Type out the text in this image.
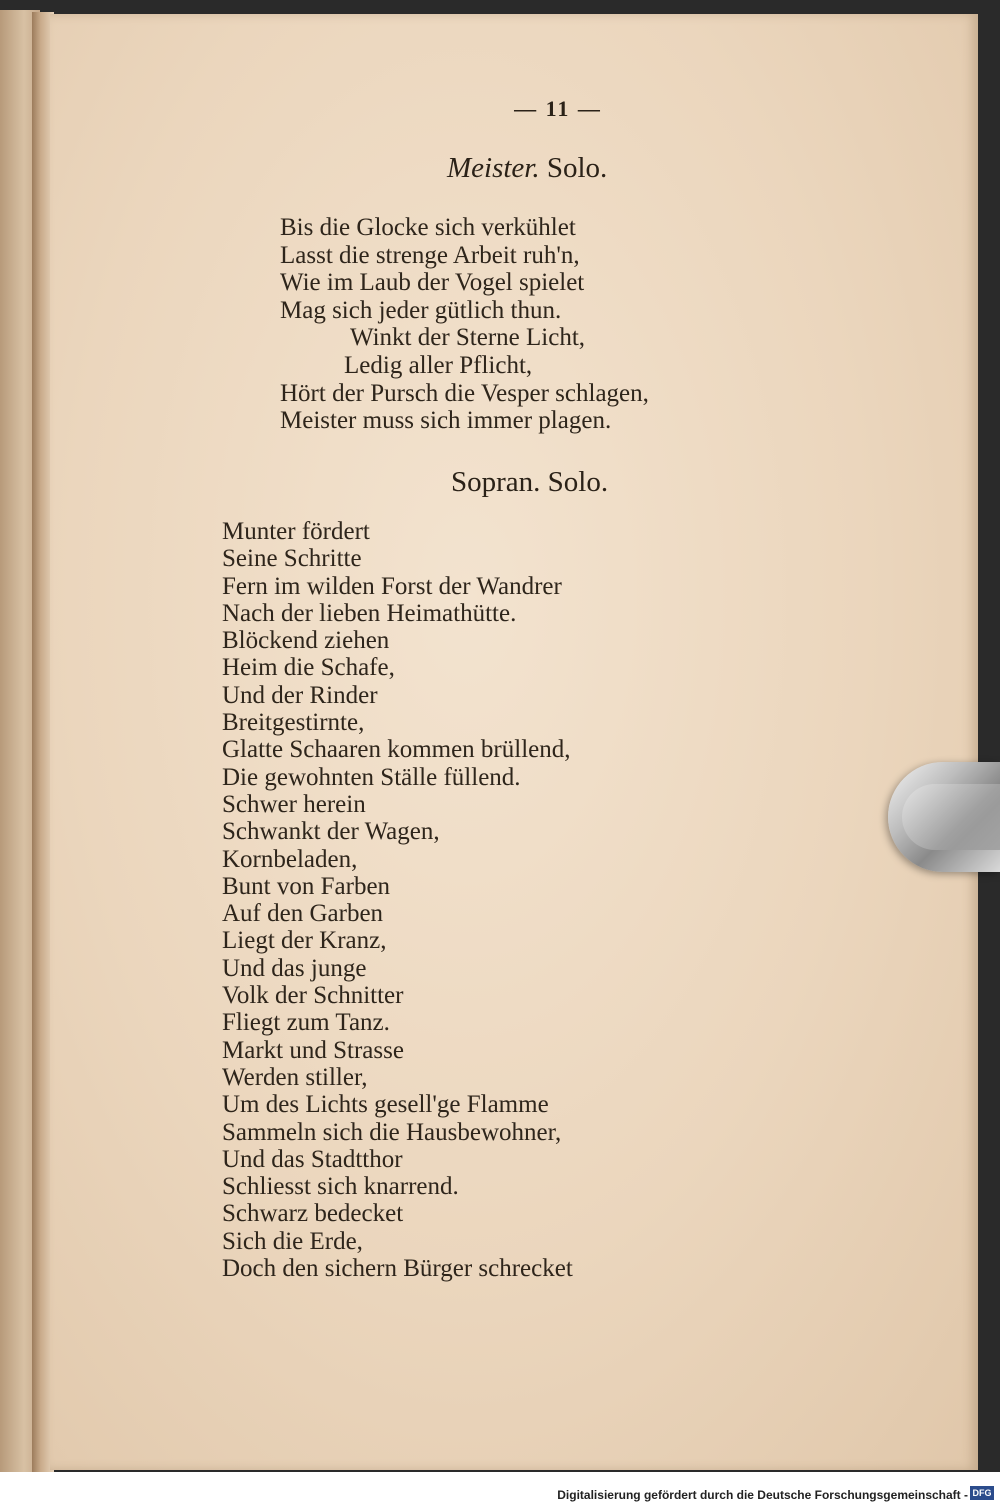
— 11 —
Meister. Solo.
Bis die Glocke sich verkühlet
Lasst die strenge Arbeit ruh'n,
Wie im Laub der Vogel spielet
Mag sich jeder gütlich thun.
Winkt der Sterne Licht,
Ledig aller Pflicht,
Hört der Pursch die Vesper schlagen,
Meister muss sich immer plagen.
Sopran. Solo.
Munter fördert
Seine Schritte
Fern im wilden Forst der Wandrer
Nach der lieben Heimathütte.
Blöckend ziehen
Heim die Schafe,
Und der Rinder
Breitgestirnte,
Glatte Schaaren kommen brüllend,
Die gewohnten Ställe füllend.
Schwer herein
Schwankt der Wagen,
Kornbeladen,
Bunt von Farben
Auf den Garben
Liegt der Kranz,
Und das junge
Volk der Schnitter
Fliegt zum Tanz.
Markt und Strasse
Werden stiller,
Um des Lichts gesell'ge Flamme
Sammeln sich die Hausbewohner,
Und das Stadtthor
Schliesst sich knarrend.
Schwarz bedecket
Sich die Erde,
Doch den sichern Bürger schrecket
Digitalisierung gefördert durch die Deutsche Forschungsgemeinschaft - DFG
